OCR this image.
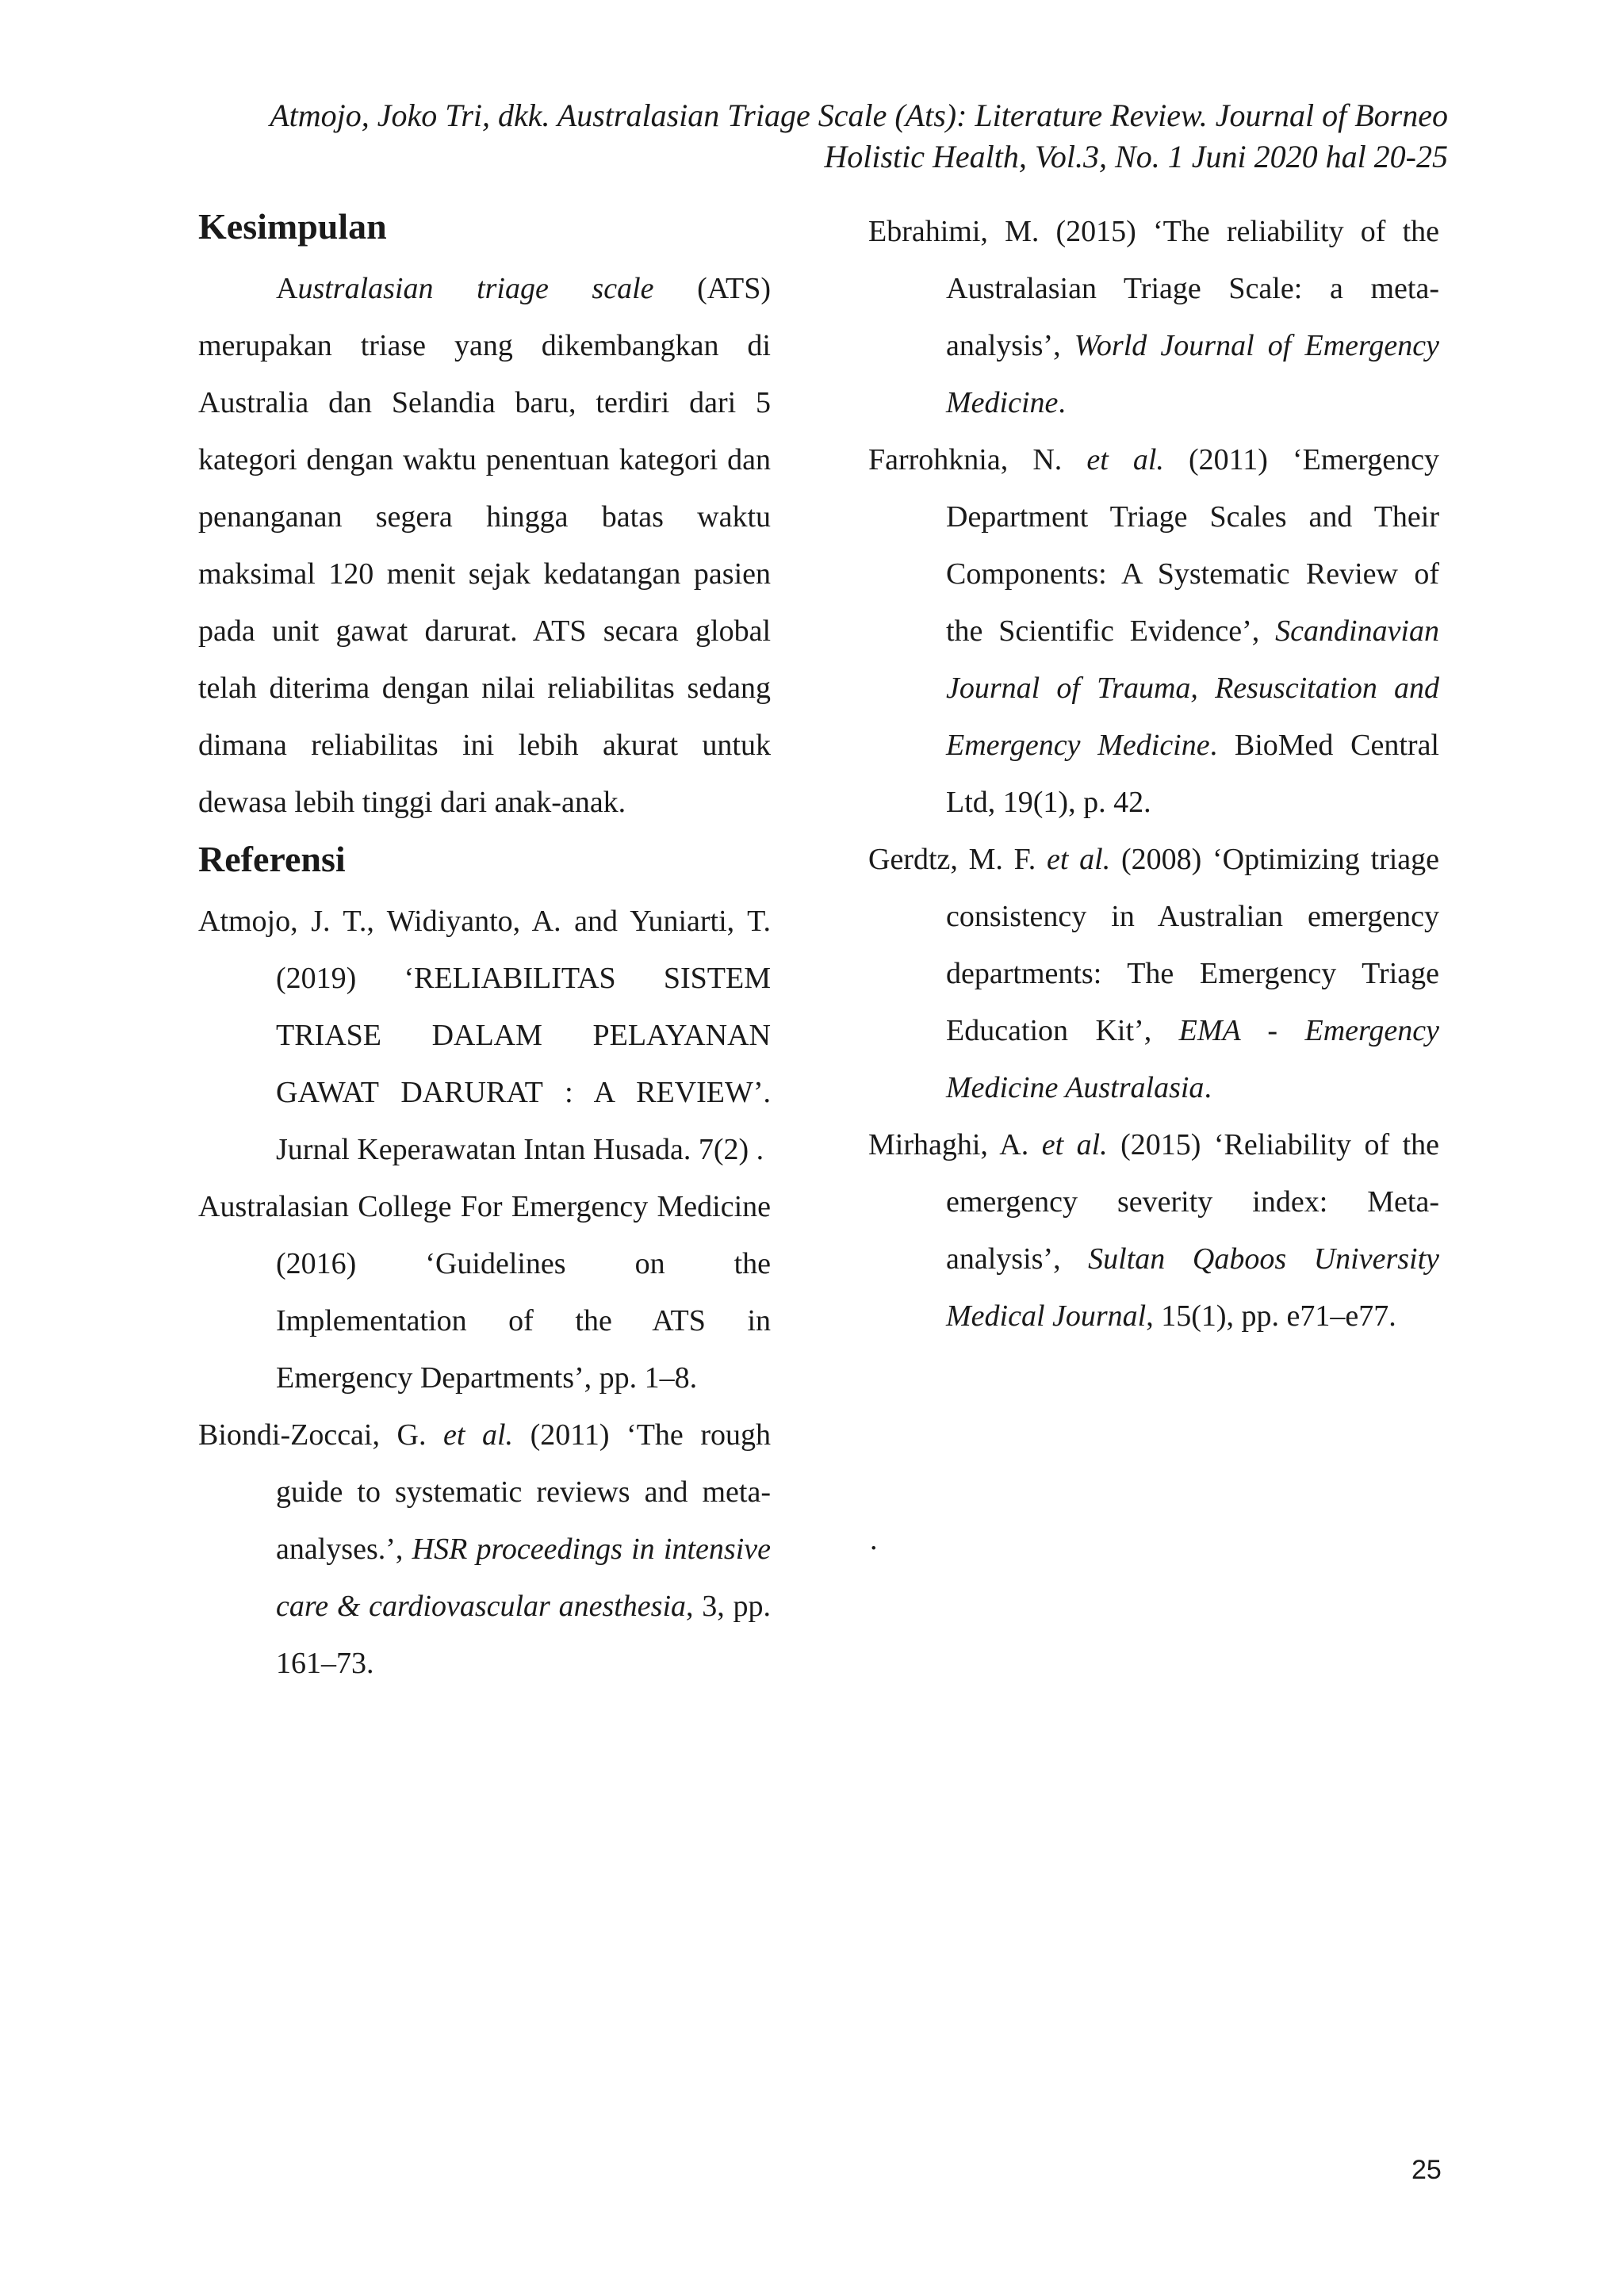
Atmojo, Joko Tri, dkk. Australasian Triage Scale (Ats): Literature Review. Journal of Borneo
Holistic Health, Vol.3, No. 1 Juni 2020 hal 20-25
Kesimpulan

Australasian triage scale (ATS) merupakan triase yang dikembangkan di Australia dan Selandia baru, terdiri dari 5 kategori dengan waktu penentuan kategori dan penanganan segera hingga batas waktu maksimal 120 menit sejak kedatangan pasien pada unit gawat darurat. ATS secara global telah diterima dengan nilai reliabilitas sedang dimana reliabilitas ini lebih akurat untuk dewasa lebih tinggi dari anak-anak.

Referensi

Atmojo, J. T., Widiyanto, A. and Yuniarti, T. (2019) ‘RELIABILITAS SISTEM TRIASE DALAM PELAYANAN GAWAT DARURAT : A REVIEW’. Jurnal Keperawatan Intan Husada. 7(2) .

Australasian College For Emergency Medicine (2016) ‘Guidelines on the Implementation of the ATS in Emergency Departments’, pp. 1–8.

Biondi-Zoccai, G. et al. (2011) ‘The rough guide to systematic reviews and meta-analyses.’, HSR proceedings in intensive care & cardiovascular anesthesia, 3, pp. 161–73.

Ebrahimi, M. (2015) ‘The reliability of the Australasian Triage Scale: a meta-analysis’, World Journal of Emergency Medicine.

Farrohknia, N. et al. (2011) ‘Emergency Department Triage Scales and Their Components: A Systematic Review of the Scientific Evidence’, Scandinavian Journal of Trauma, Resuscitation and Emergency Medicine. BioMed Central Ltd, 19(1), p. 42.

Gerdtz, M. F. et al. (2008) ‘Optimizing triage consistency in Australian emergency departments: The Emergency Triage Education Kit’, EMA - Emergency Medicine Australasia.

Mirhaghi, A. et al. (2015) ‘Reliability of the emergency severity index: Meta-analysis’, Sultan Qaboos University Medical Journal, 15(1), pp. e71–e77.

.
25
